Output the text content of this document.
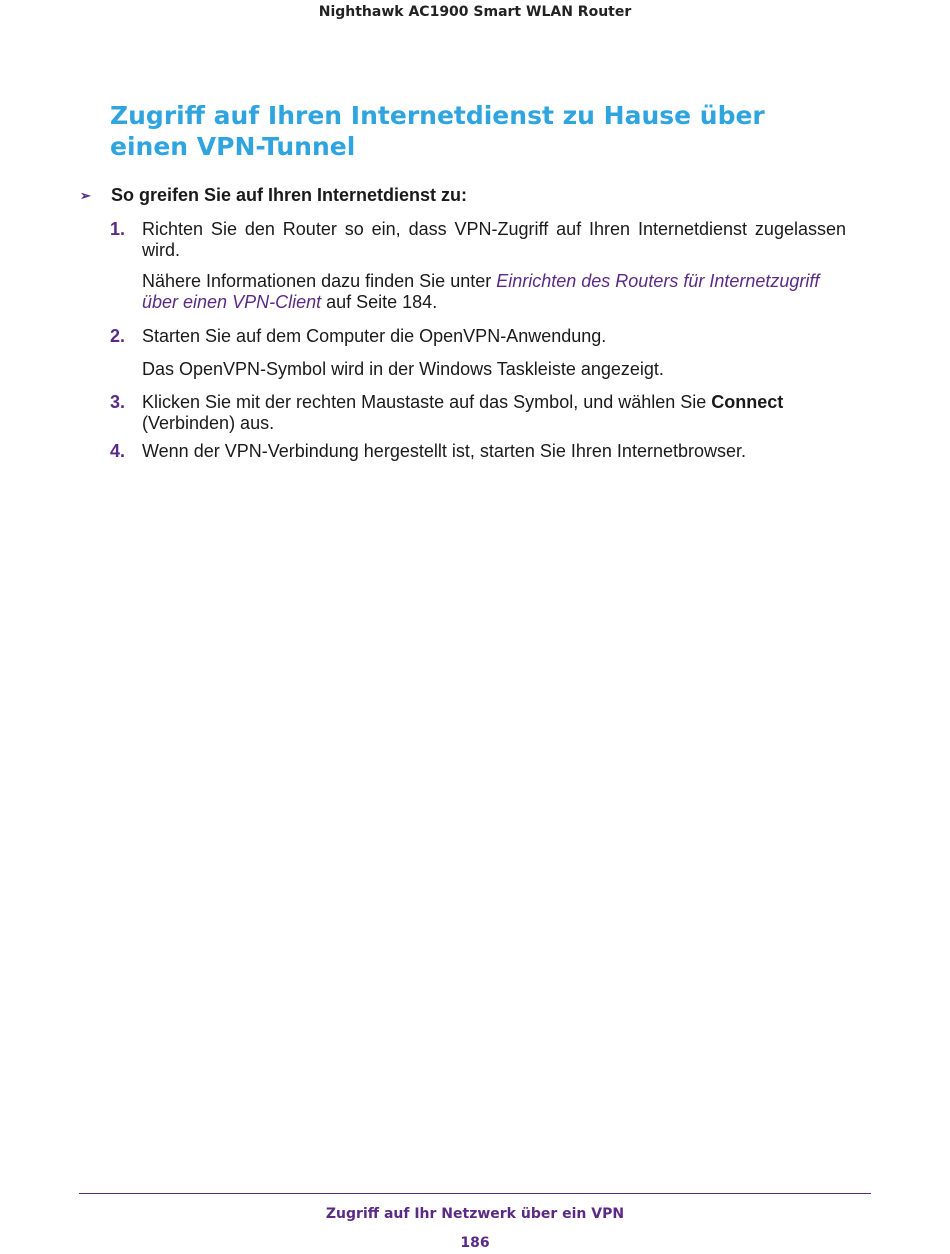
Nighthawk AC1900 Smart WLAN Router
Zugriff auf Ihren Internetdienst zu Hause über einen VPN-Tunnel
➢ So greifen Sie auf Ihren Internetdienst zu:
1. Richten Sie den Router so ein, dass VPN-Zugriff auf Ihren Internetdienst zugelassen wird.
Nähere Informationen dazu finden Sie unter Einrichten des Routers für Internetzugriff über einen VPN-Client auf Seite 184.
2. Starten Sie auf dem Computer die OpenVPN-Anwendung.
Das OpenVPN-Symbol wird in der Windows Taskleiste angezeigt.
3. Klicken Sie mit der rechten Maustaste auf das Symbol, und wählen Sie Connect (Verbinden) aus.
4. Wenn der VPN-Verbindung hergestellt ist, starten Sie Ihren Internetbrowser.
Zugriff auf Ihr Netzwerk über ein VPN
186
